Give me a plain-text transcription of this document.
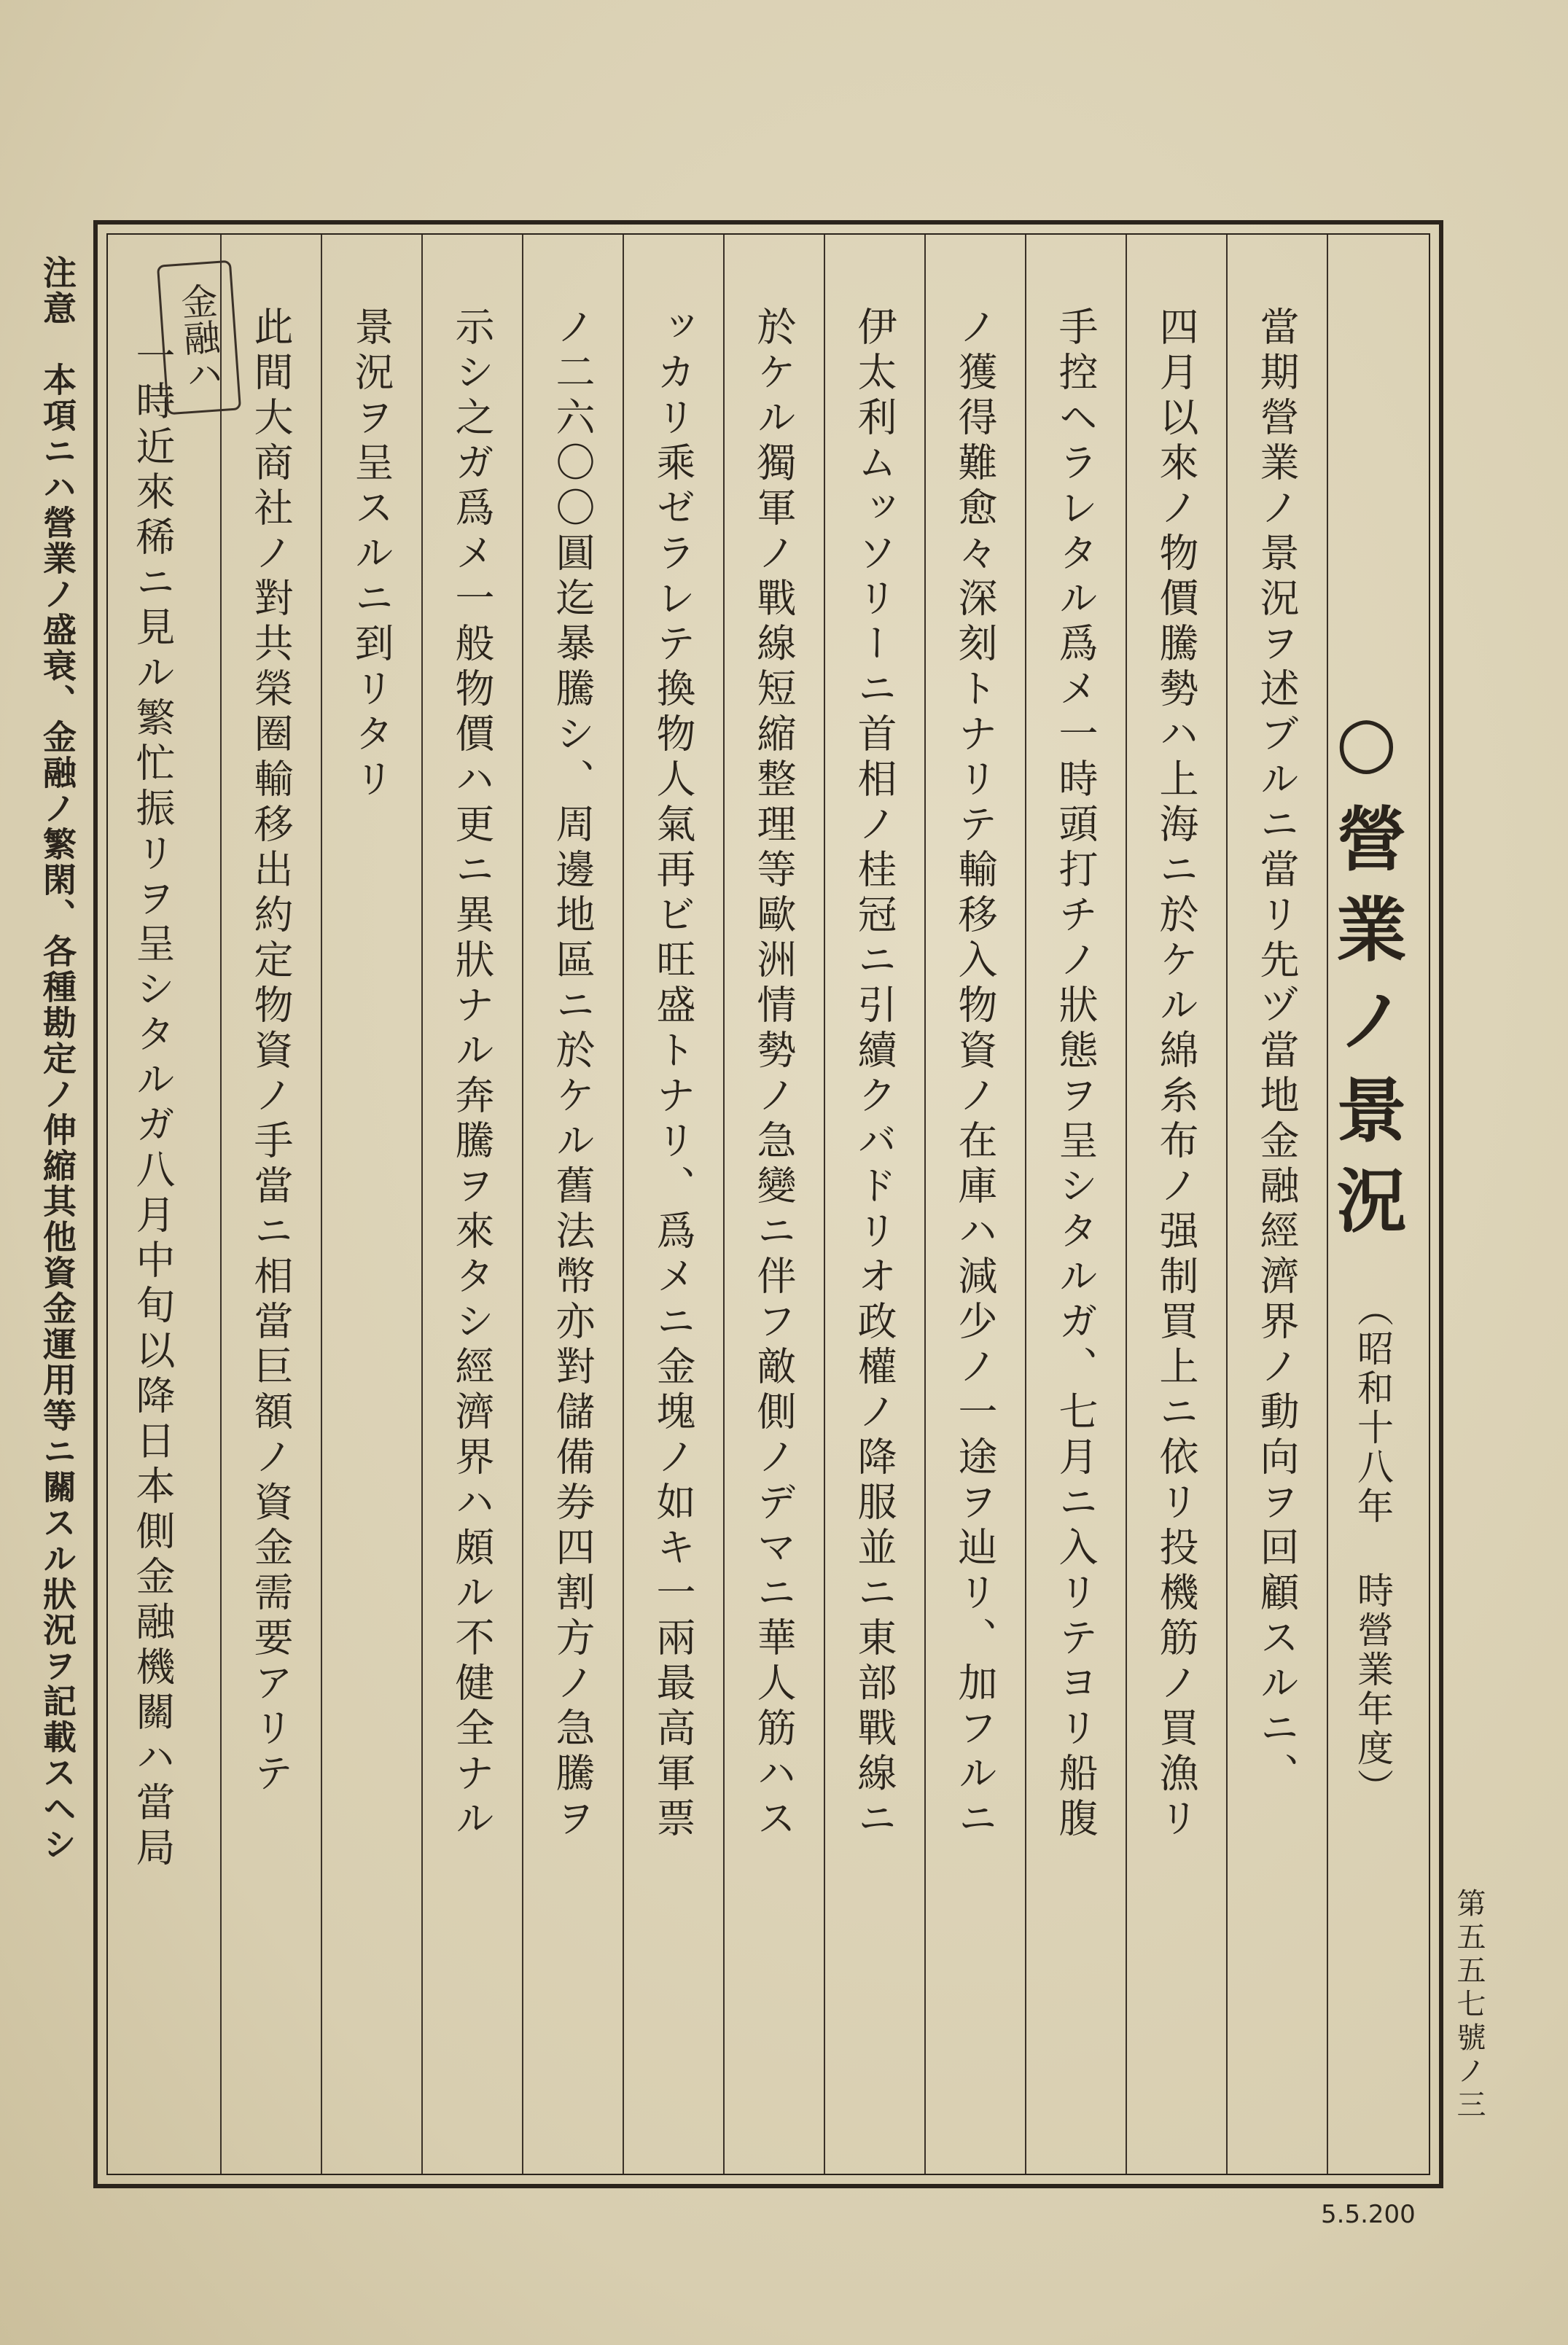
第五五七號ノ三
○營業ノ景況
（昭和十八年 時營業年度）
當期營業ノ景況ヲ述ブルニ當リ先ヅ當地金融經濟界ノ動向ヲ回顧スルニ、
四月以來ノ物價騰勢ハ上海ニ於ケル綿糸布ノ强制買上ニ依リ投機筋ノ買漁リ
手控ヘラレタル爲メ一時頭打チノ狀態ヲ呈シタルガ、七月ニ入リテヨリ船腹
ノ獲得難愈々深刻トナリテ輸移入物資ノ在庫ハ減少ノ一途ヲ辿リ、加フルニ
伊太利ムッソリーニ首相ノ桂冠ニ引續クバドリオ政權ノ降服並ニ東部戰線ニ
於ケル獨軍ノ戰線短縮整理等歐洲情勢ノ急變ニ伴フ敵側ノデマニ華人筋ハス
ッカリ乘ゼラレテ換物人氣再ビ旺盛トナリ、爲メニ金塊ノ如キ一兩最高軍票
ノ二六〇〇圓迄暴騰シ、周邊地區ニ於ケル舊法幣亦對儲備券四割方ノ急騰ヲ
示シ之ガ爲メ一般物價ハ更ニ異狀ナル奔騰ヲ來タシ經濟界ハ頗ル不健全ナル
景況ヲ呈スルニ到リタリ
此間大商社ノ對共榮圈輸移出約定物資ノ手當ニ相當巨額ノ資金需要アリテ
一時近來稀ニ見ル繁忙振リヲ呈シタルガ八月中旬以降日本側金融機關ハ當局
金融ハ
注意　本項ニハ營業ノ盛衰、金融ノ繁閑、各種勘定ノ伸縮其他資金運用等ニ關スル狀況ヲ記載スヘシ
5.5.200
